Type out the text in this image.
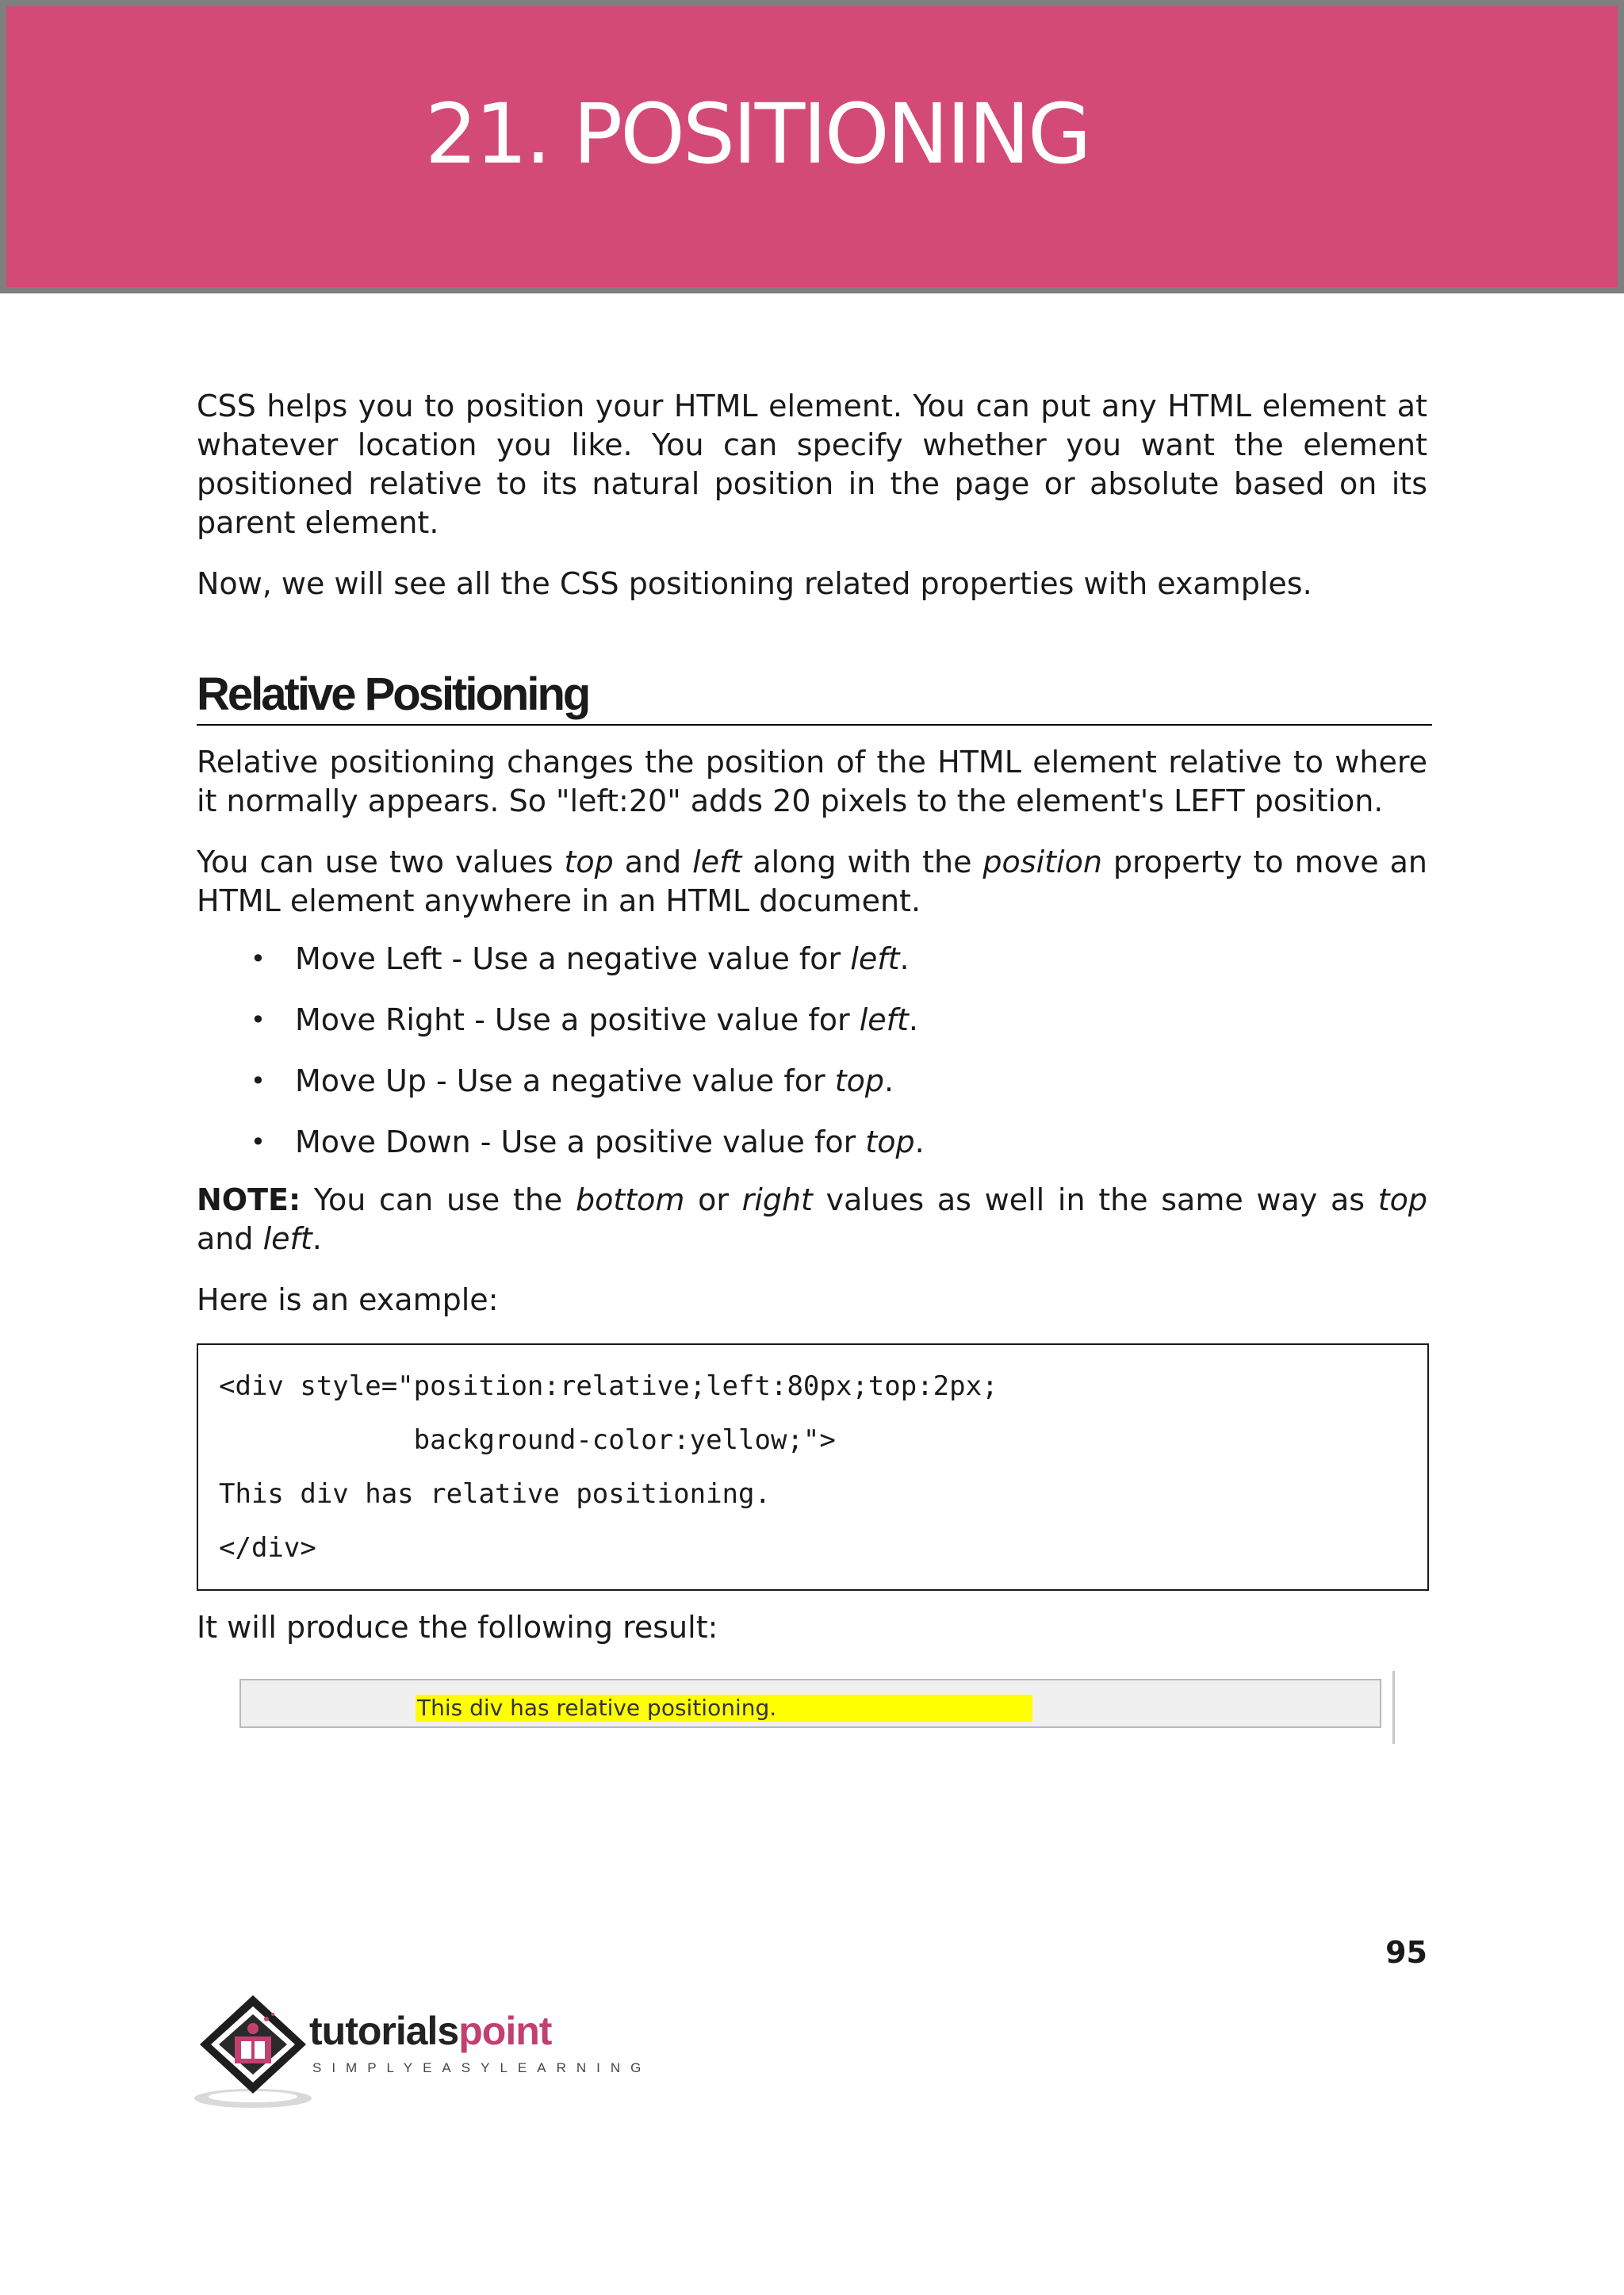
21. POSITIONING

CSS helps you to position your HTML element. You can put any HTML element at whatever location you like. You can specify whether you want the element positioned relative to its natural position in the page or absolute based on its parent element.

Now, we will see all the CSS positioning related properties with examples.

Relative Positioning

Relative positioning changes the position of the HTML element relative to where it normally appears. So "left:20" adds 20 pixels to the element's LEFT position.

You can use two values top and left along with the position property to move an HTML element anywhere in an HTML document.

• Move Left - Use a negative value for left.
• Move Right - Use a positive value for left.
• Move Up - Use a negative value for top.
• Move Down - Use a positive value for top.

NOTE: You can use the bottom or right values as well in the same way as top and left.

Here is an example:

<div style="position:relative;left:80px;top:2px;
background-color:yellow;">
This div has relative positioning.
</div>

It will produce the following result:

This div has relative positioning.
95
tutorialspoint
SIMPLYEASYLEARNING
